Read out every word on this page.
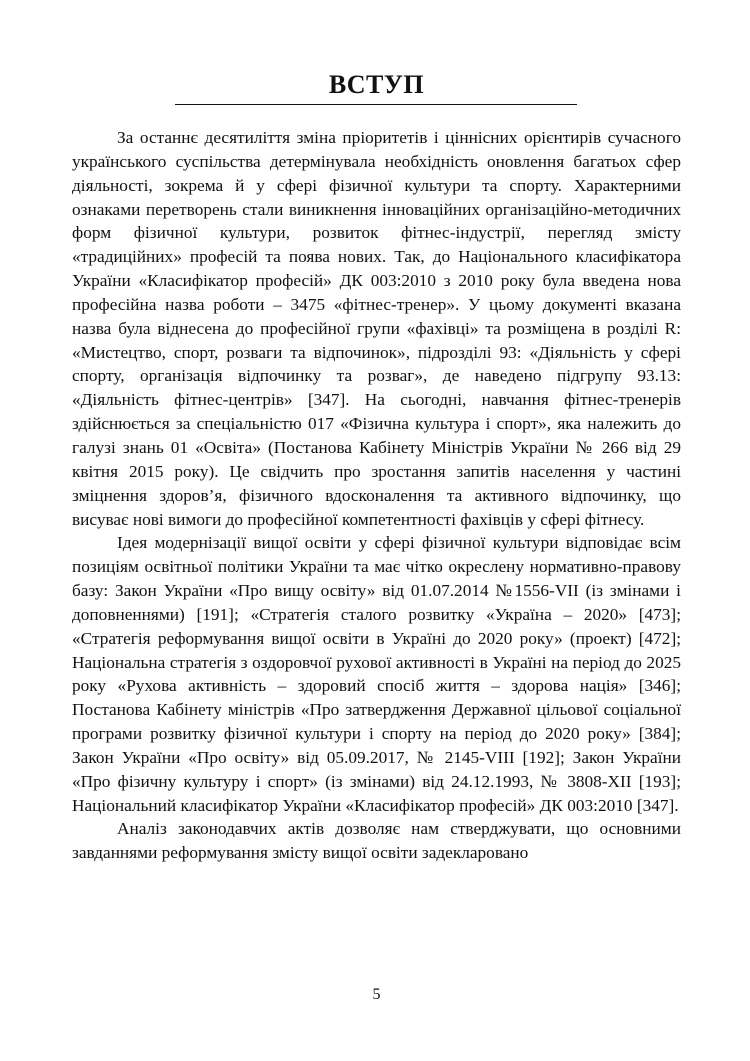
ВСТУП

За останнє десятиліття зміна пріоритетів і ціннісних орієнтирів сучасного українського суспільства детермінувала необхідність оновлення багатьох сфер діяльності, зокрема й у сфері фізичної культури та спорту. Характерними ознаками перетворень стали виникнення інноваційних організаційно-методичних форм фізичної культури, розвиток фітнес-індустрії, перегляд змісту «традиційних» професій та поява нових. Так, до Національного класифікатора України «Класифікатор професій» ДК 003:2010 з 2010 року була введена нова професійна назва роботи – 3475 «фітнес-тренер». У цьому документі вказана назва була віднесена до професійної групи «фахівці» та розміщена в розділі R: «Мистецтво, спорт, розваги та відпочинок», підрозділі 93: «Діяльність у сфері спорту, організація відпочинку та розваг», де наведено підгрупу 93.13: «Діяльність фітнес-центрів» [347]. На сьогодні, навчання фітнес-тренерів здійснюється за спеціальністю 017 «Фізична культура і спорт», яка належить до галузі знань 01 «Освіта» (Постанова Кабінету Міністрів України № 266 від 29 квітня 2015 року). Це свідчить про зростання запитів населення у частині зміцнення здоров’я, фізичного вдосконалення та активного відпочинку, що висуває нові вимоги до професійної компетентності фахівців у сфері фітнесу.

Ідея модернізації вищої освіти у сфері фізичної культури відповідає всім позиціям освітньої політики України та має чітко окреслену нормативно-правову базу: Закон України «Про вищу освіту» від 01.07.2014 №1556-VII (із змінами і доповненнями) [191]; «Стратегія сталого розвитку «Україна – 2020» [473]; «Стратегія реформування вищої освіти в Україні до 2020 року» (проект) [472]; Національна стратегія з оздоровчої рухової активності в Україні на період до 2025 року «Рухова активність – здоровий спосіб життя – здорова нація» [346]; Постанова Кабінету міністрів «Про затвердження Державної цільової соціальної програми розвитку фізичної культури і спорту на період до 2020 року» [384]; Закон України «Про освіту» від 05.09.2017, № 2145-VIII [192]; Закон України «Про фізичну культуру і спорт» (із змінами) від 24.12.1993, № 3808-XII [193]; Національний класифікатор України «Класифікатор професій» ДК 003:2010 [347].

Аналіз законодавчих актів дозволяє нам стверджувати, що основними завданнями реформування змісту вищої освіти задекларовано

5
